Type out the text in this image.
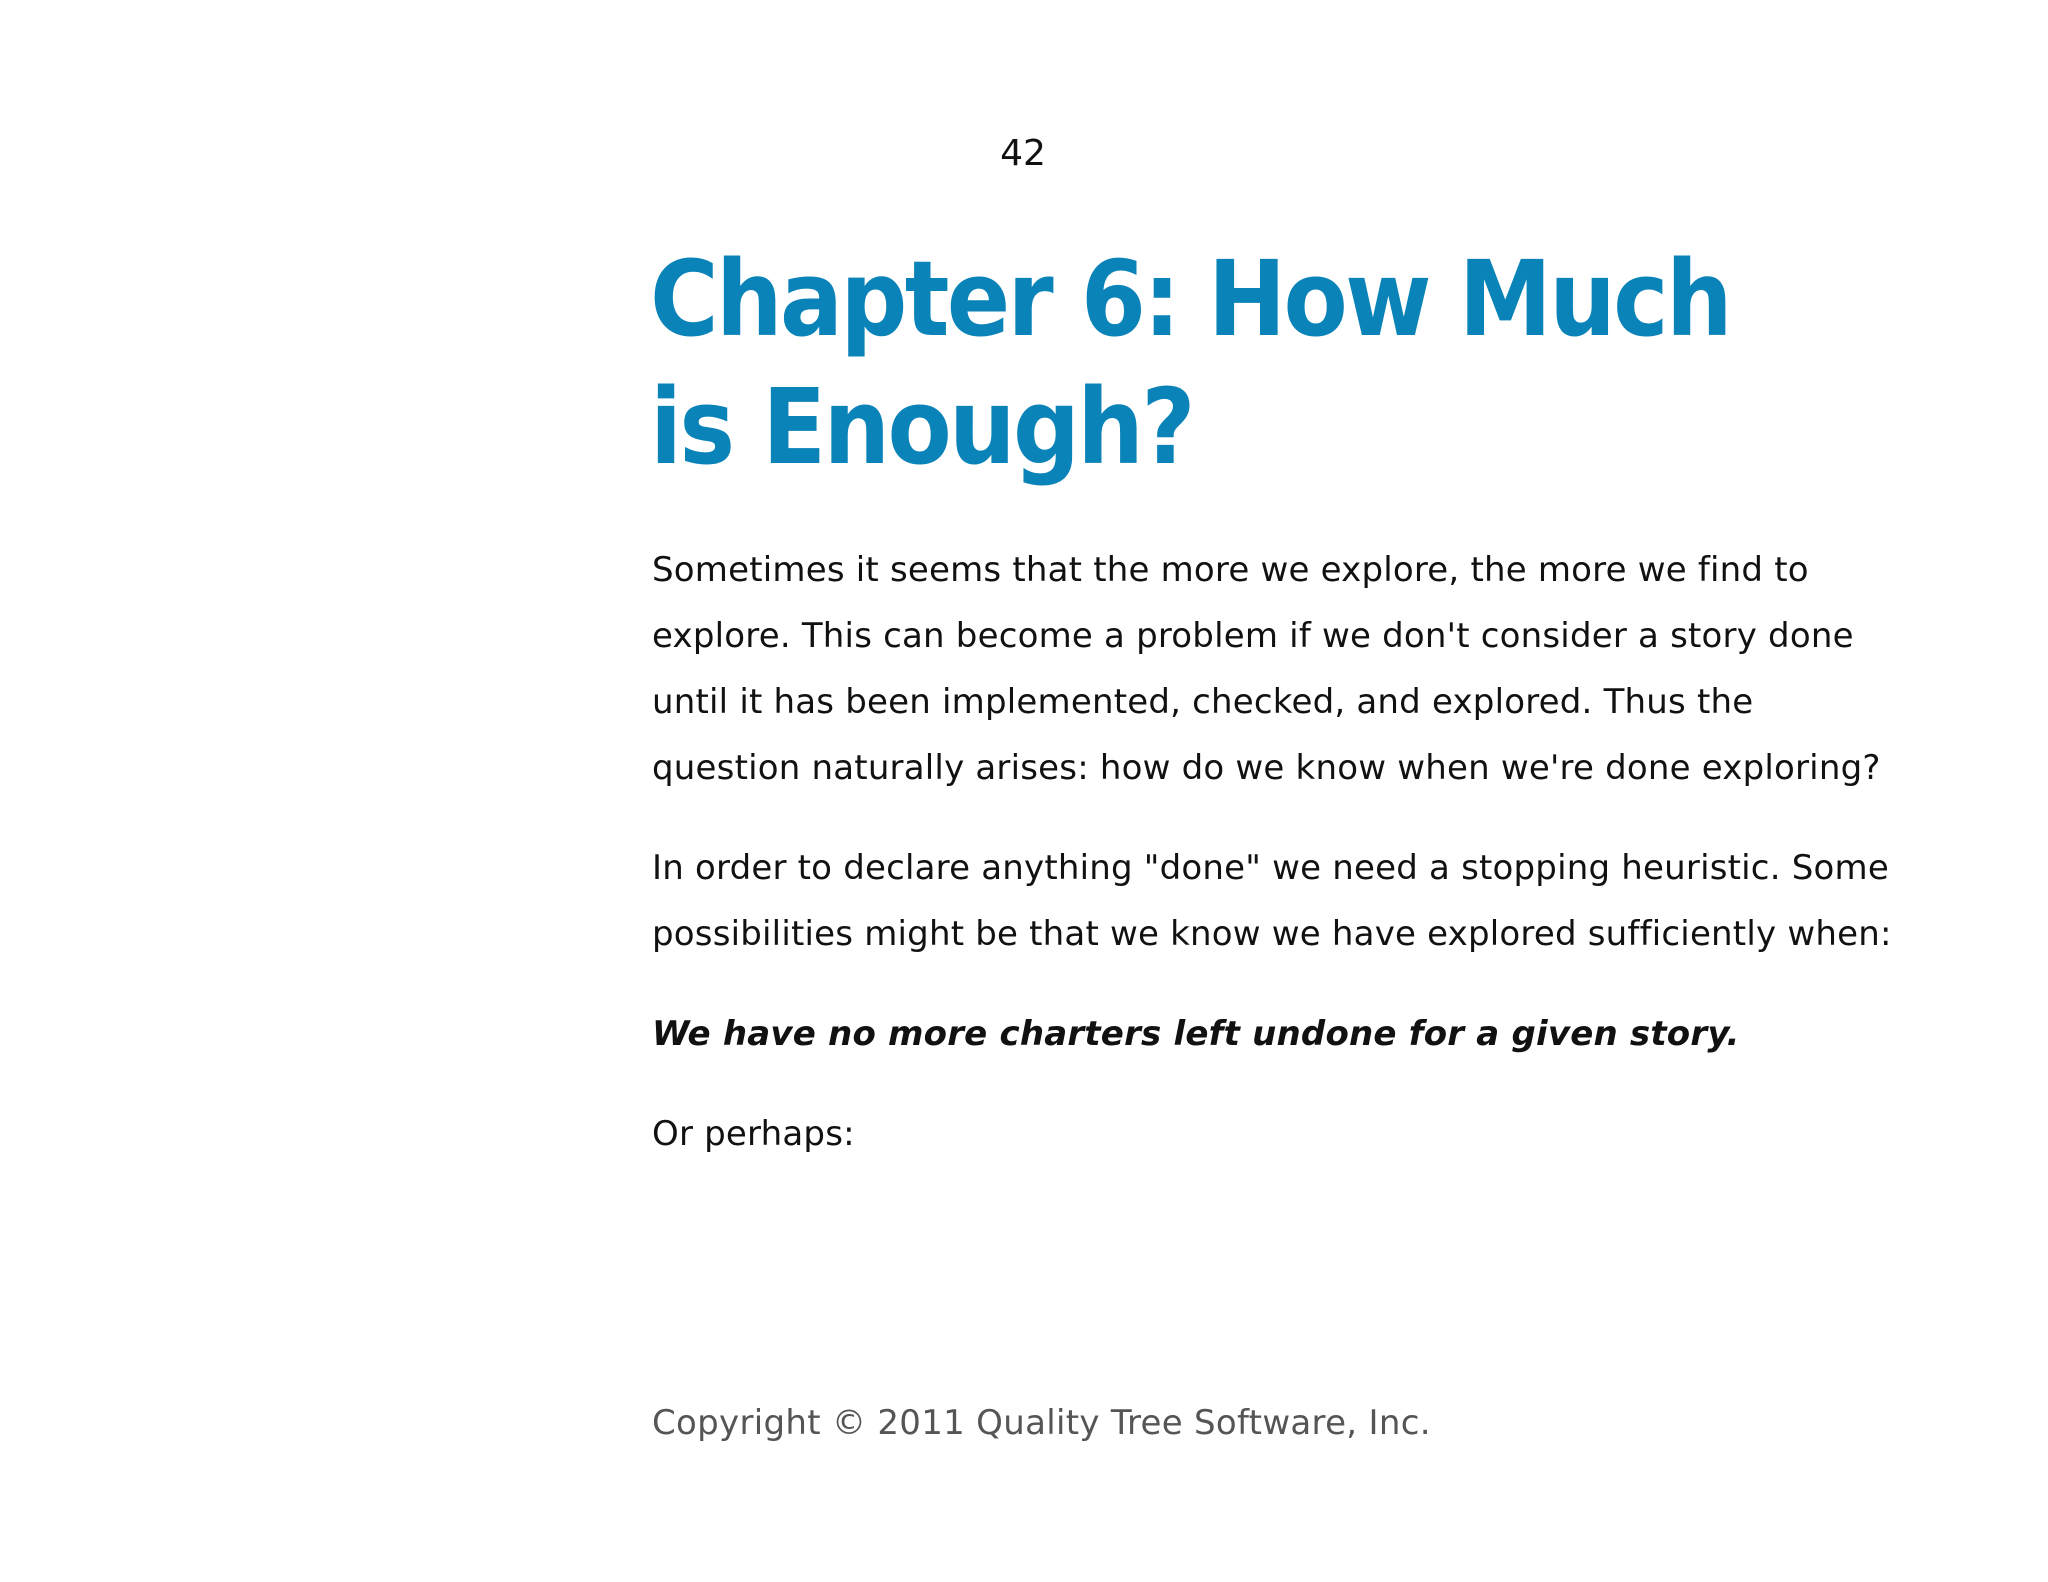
42
Chapter 6: How Much is Enough?

Sometimes it seems that the more we explore, the more we find to explore. This can become a problem if we don't consider a story done until it has been implemented, checked, and explored. Thus the question naturally arises: how do we know when we're done exploring?

In order to declare anything "done" we need a stopping heuristic. Some possibilities might be that we know we have explored sufficiently when:

We have no more charters left undone for a given story.

Or perhaps:

Copyright © 2011 Quality Tree Software, Inc.
